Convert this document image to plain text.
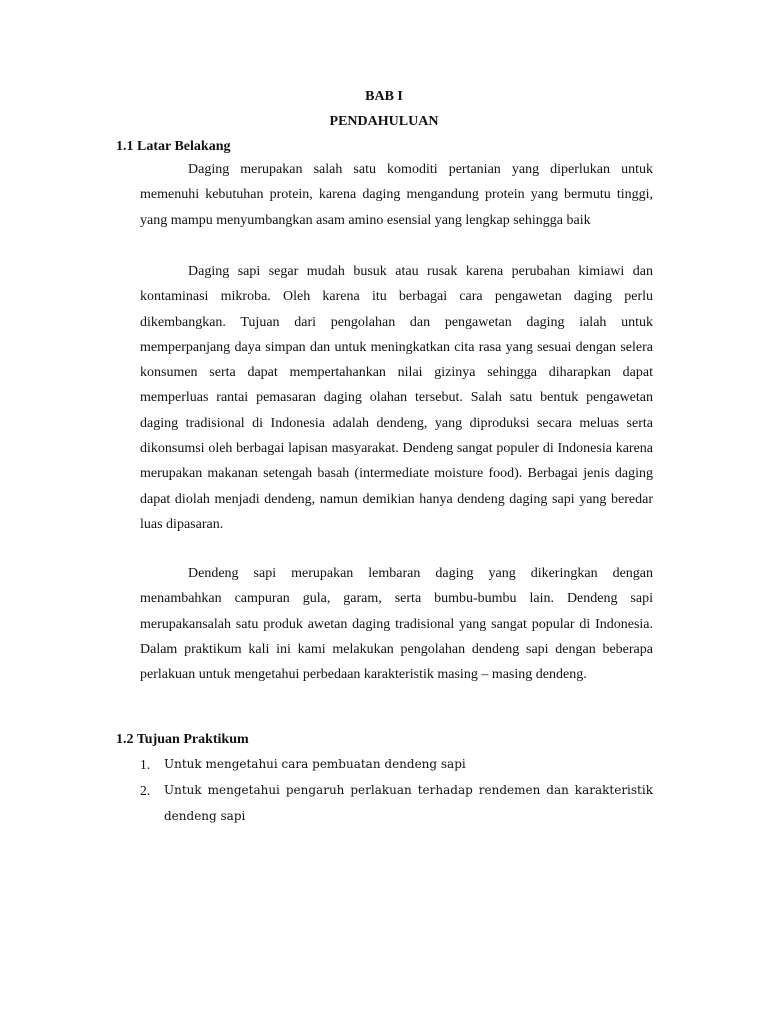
BAB I
PENDAHULUAN
1.1 Latar Belakang

Daging merupakan salah satu komoditi pertanian yang diperlukan untuk memenuhi kebutuhan protein, karena daging mengandung protein yang bermutu tinggi, yang mampu menyumbangkan asam amino esensial yang lengkap sehingga baik

Daging sapi segar mudah busuk atau rusak karena perubahan kimiawi dan kontaminasi mikroba. Oleh karena itu berbagai cara pengawetan daging perlu dikembangkan. Tujuan dari pengolahan dan pengawetan daging ialah untuk memperpanjang daya simpan dan untuk meningkatkan cita rasa yang sesuai dengan selera konsumen serta dapat mempertahankan nilai gizinya sehingga diharapkan dapat memperluas rantai pemasaran daging olahan tersebut. Salah satu bentuk pengawetan daging tradisional di Indonesia adalah dendeng, yang diproduksi secara meluas serta dikonsumsi oleh berbagai lapisan masyarakat. Dendeng sangat populer di Indonesia karena merupakan makanan setengah basah (intermediate moisture food). Berbagai jenis daging dapat diolah menjadi dendeng, namun demikian hanya dendeng daging sapi yang beredar luas dipasaran.

Dendeng sapi merupakan lembaran daging yang dikeringkan dengan menambahkan campuran gula, garam, serta bumbu-bumbu lain. Dendeng sapi merupakansalah satu produk awetan daging tradisional yang sangat popular di Indonesia. Dalam praktikum kali ini kami melakukan pengolahan dendeng sapi dengan beberapa perlakuan untuk mengetahui perbedaan karakteristik masing – masing dendeng.

1.2 Tujuan Praktikum
1. Untuk mengetahui cara pembuatan dendeng sapi

2. Untuk mengetahui pengaruh perlakuan terhadap rendemen dan karakteristik dendeng sapi
